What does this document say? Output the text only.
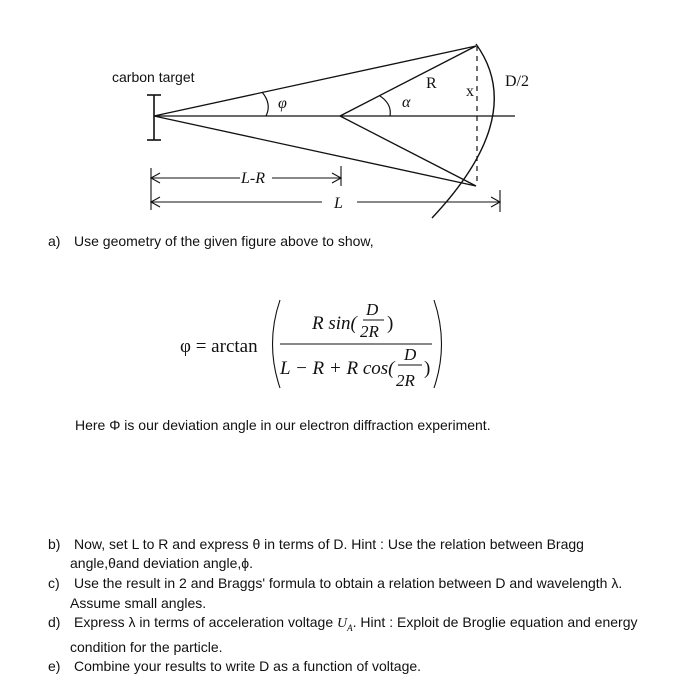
carbon target
φ	α
R x
D/2
L-R
L
a) Use geometry of the given figure above to show,
φ = arctan
R sin(
D
2R )
L − R + R cos(
D
2R
)
Here Φ is our deviation angle in our electron diffraction experiment.
b) Now, set L to R and express θ in terms of D. Hint : Use the relation between Bragg
angle,θand deviation angle,ϕ.
c) Use the result in 2 and Braggs' formula to obtain a relation between D and wavelength λ.
Assume small angles.
d) Express λ in terms of acceleration voltage $U_A$. Hint : Exploit de Broglie equation and energy
condition for the particle.
e) Combine your results to write D as a function of voltage.
